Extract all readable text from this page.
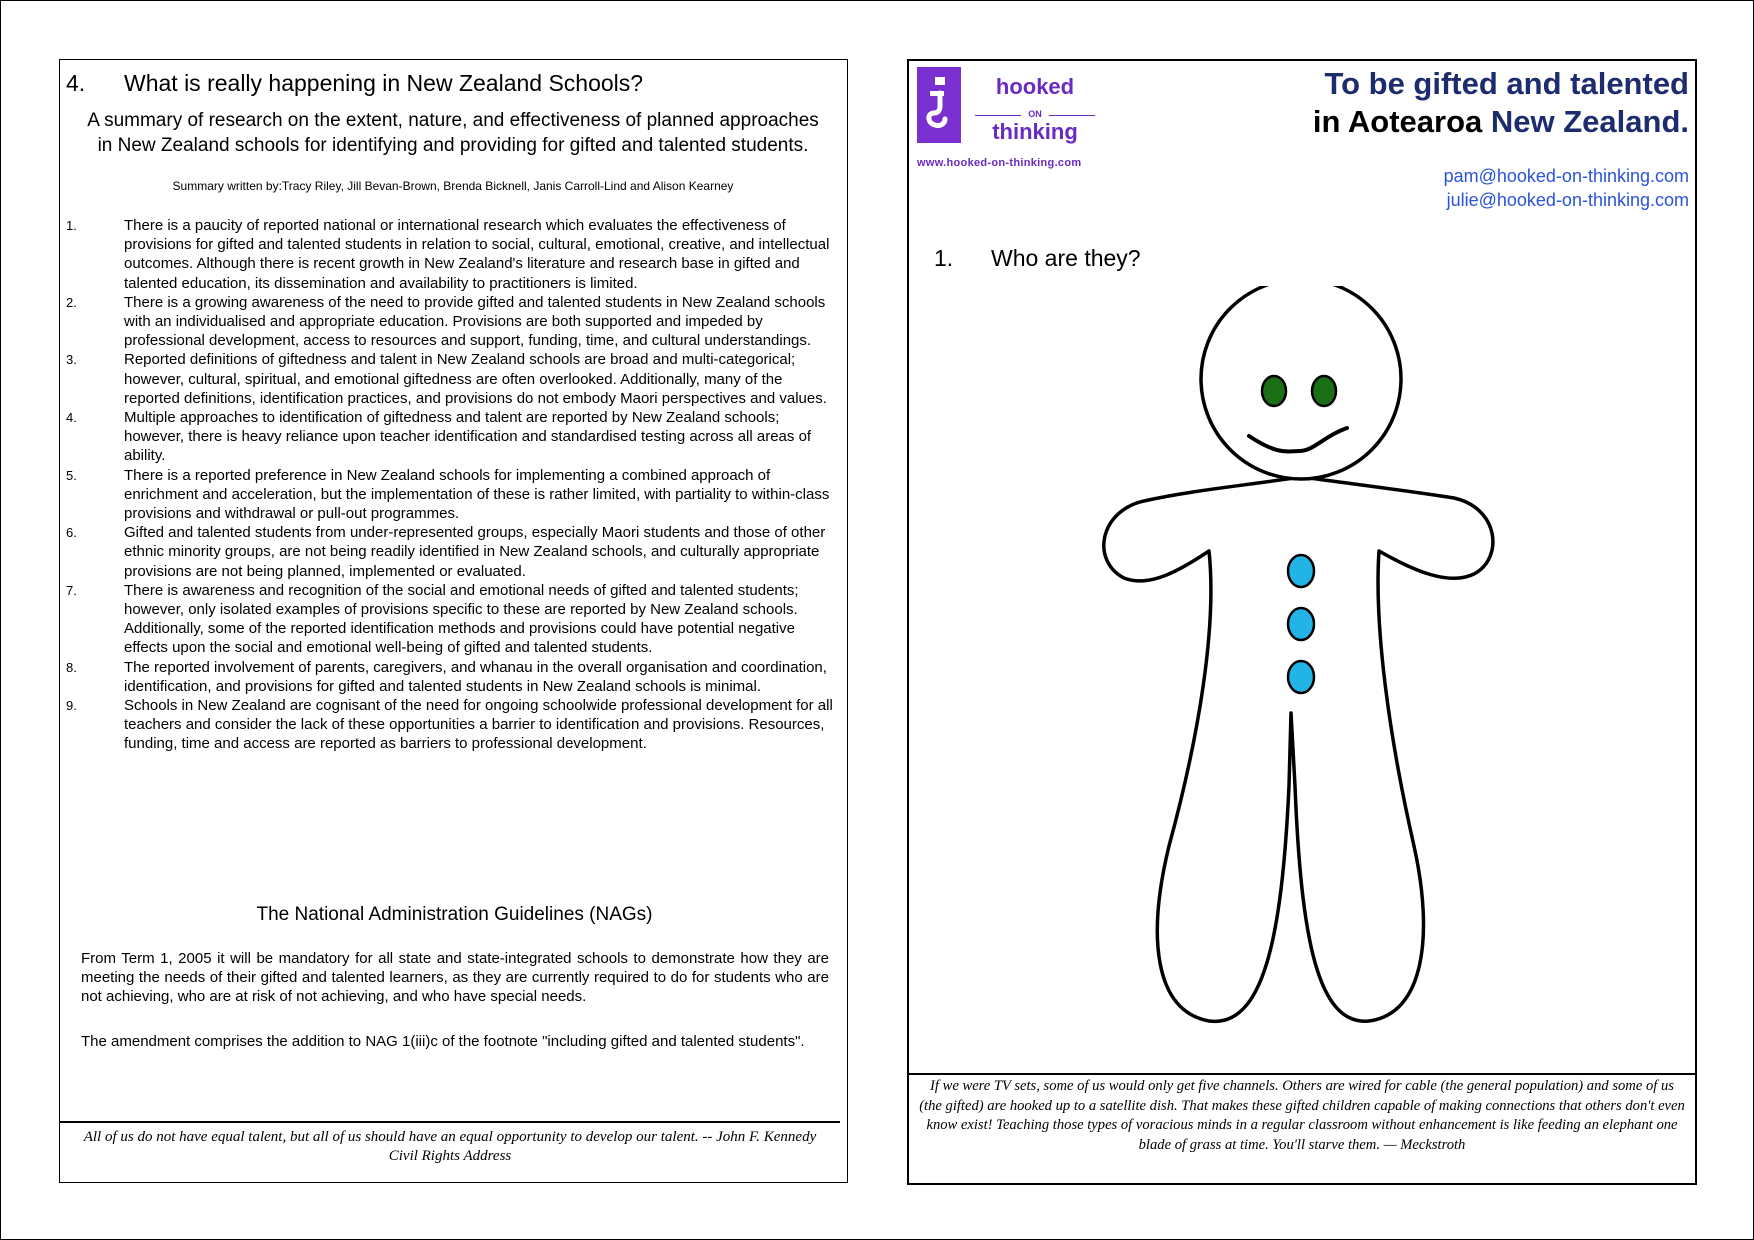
4. What is really happening in New Zealand Schools?
A summary of research on the extent, nature, and effectiveness of planned approaches in New Zealand schools for identifying and providing for gifted and talented students.
Summary written by:Tracy Riley, Jill Bevan-Brown, Brenda Bicknell, Janis Carroll-Lind and Alison Kearney
1.	There is a paucity of reported national or international research which evaluates the effectiveness of provisions for gifted and talented students in relation to social, cultural, emotional, creative, and intellectual outcomes. Although there is recent growth in New Zealand's literature and research base in gifted and talented education, its dissemination and availability to practitioners is limited.
2.	There is a growing awareness of the need to provide gifted and talented students in New Zealand schools with an individualised and appropriate education. Provisions are both supported and impeded by professional development, access to resources and support, funding, time, and cultural understandings.
3.	Reported definitions of giftedness and talent in New Zealand schools are broad and multi-categorical; however, cultural, spiritual, and emotional giftedness are often overlooked. Additionally, many of the reported definitions, identification practices, and provisions do not embody Maori perspectives and values.
4.	Multiple approaches to identification of giftedness and talent are reported by New Zealand schools; however, there is heavy reliance upon teacher identification and standardised testing across all areas of ability.
5.	There is a reported preference in New Zealand schools for implementing a combined approach of enrichment and acceleration, but the implementation of these is rather limited, with partiality to within-class provisions and withdrawal or pull-out programmes.
6.	Gifted and talented students from under-represented groups, especially Maori students and those of other ethnic minority groups, are not being readily identified in New Zealand schools, and culturally appropriate provisions are not being planned, implemented or evaluated.
7.	There is awareness and recognition of the social and emotional needs of gifted and talented students; however, only isolated examples of provisions specific to these are reported by New Zealand schools. Additionally, some of the reported identification methods and provisions could have potential negative effects upon the social and emotional well-being of gifted and talented students.
8.	The reported involvement of parents, caregivers, and whanau in the overall organisation and coordination, identification, and provisions for gifted and talented students in New Zealand schools is minimal.
9.	Schools in New Zealand are cognisant of the need for ongoing schoolwide professional development for all teachers and consider the lack of these opportunities a barrier to identification and provisions. Resources, funding, time and access are reported as barriers to professional development.
The National Administration Guidelines (NAGs)
From Term 1, 2005 it will be mandatory for all state and state-integrated schools to demonstrate how they are meeting the needs of their gifted and talented learners, as they are currently required to do for students who are not achieving, who are at risk of not achieving, and who have special needs.
The amendment comprises the addition to NAG 1(iii)c of the footnote "including gifted and talented students".
All of us do not have equal talent, but all of us should have an equal opportunity to develop our talent. -- John F. Kennedy Civil Rights Address
hooked
ON
thinking
www.hooked-on-thinking.com
To be gifted and talented
in Aotearoa New Zealand.
pam@hooked-on-thinking.com
julie@hooked-on-thinking.com
1. Who are they?
If we were TV sets, some of us would only get five channels. Others are wired for cable (the general population) and some of us (the gifted) are hooked up to a satellite dish. That makes these gifted children capable of making connections that others don't even know exist! Teaching those types of voracious minds in a regular classroom without enhancement is like feeding an elephant one blade of grass at time. You'll starve them. — Meckstroth
